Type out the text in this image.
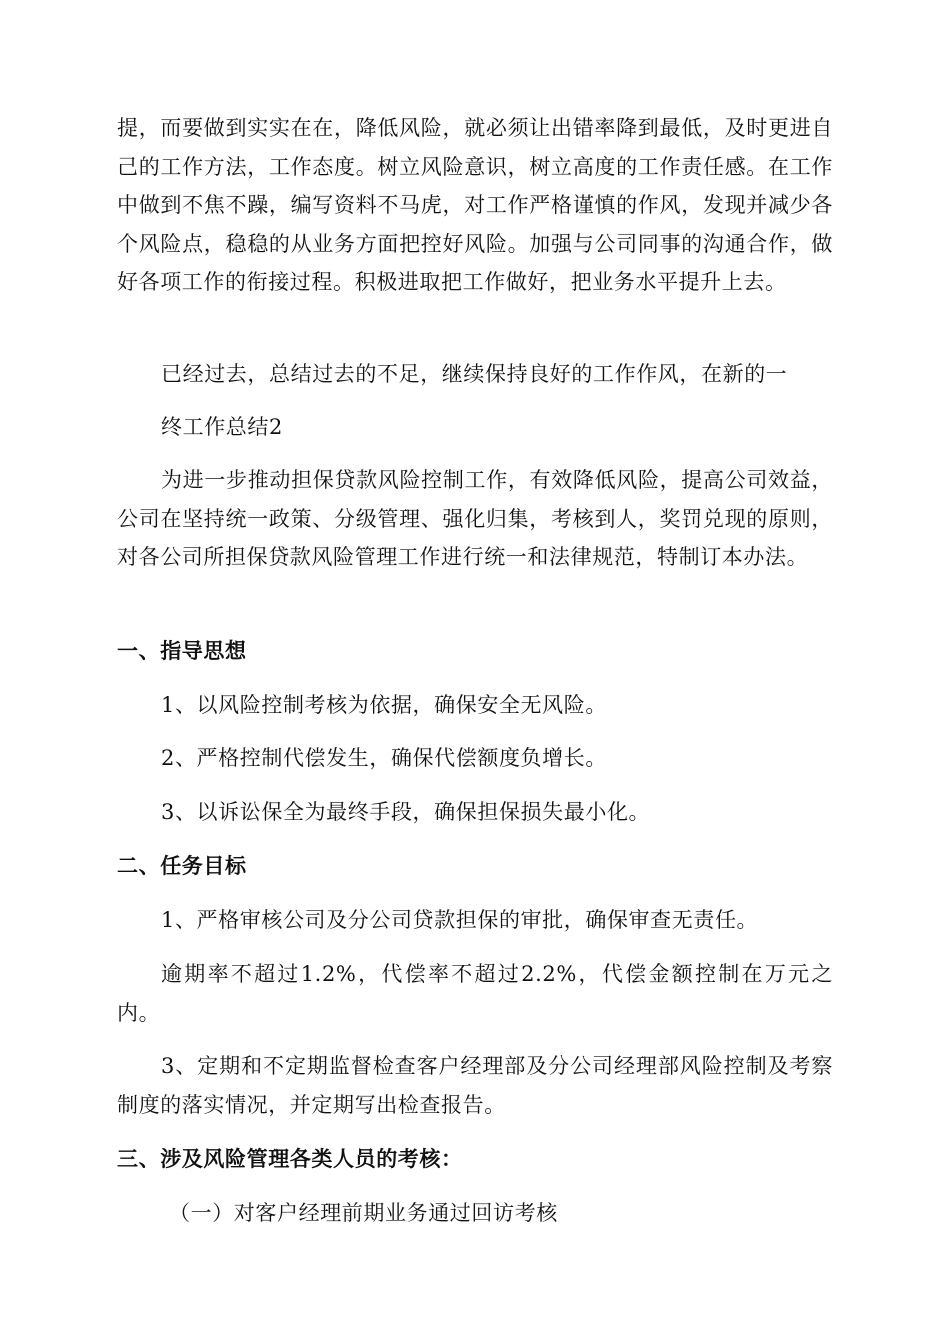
提，而要做到实实在在，降低风险，就必须让出错率降到最低，及时更进自己的工作方法，工作态度。树立风险意识，树立高度的工作责任感。在工作中做到不焦不躁，编写资料不马虎，对工作严格谨慎的作风，发现并减少各个风险点，稳稳的从业务方面把控好风险。加强与公司同事的沟通合作，做好各项工作的衔接过程。积极进取把工作做好，把业务水平提升上去。

已经过去，总结过去的不足，继续保持良好的工作作风，在新的一

终工作总结2

为进一步推动担保贷款风险控制工作，有效降低风险，提高公司效益，公司在坚持统一政策、分级管理、强化归集，考核到人，奖罚兑现的原则，对各公司所担保贷款风险管理工作进行统一和法律规范，特制订本办法。

一、指导思想

1、以风险控制考核为依据，确保安全无风险。

2、严格控制代偿发生，确保代偿额度负增长。

3、以诉讼保全为最终手段，确保担保损失最小化。

二、任务目标

1、严格审核公司及分公司贷款担保的审批，确保审查无责任。

逾期率不超过1.2%，代偿率不超过2.2%，代偿金额控制在万元之内。

3、定期和不定期监督检查客户经理部及分公司经理部风险控制及考察制度的落实情况，并定期写出检查报告。

三、涉及风险管理各类人员的考核：

（一）对客户经理前期业务通过回访考核
